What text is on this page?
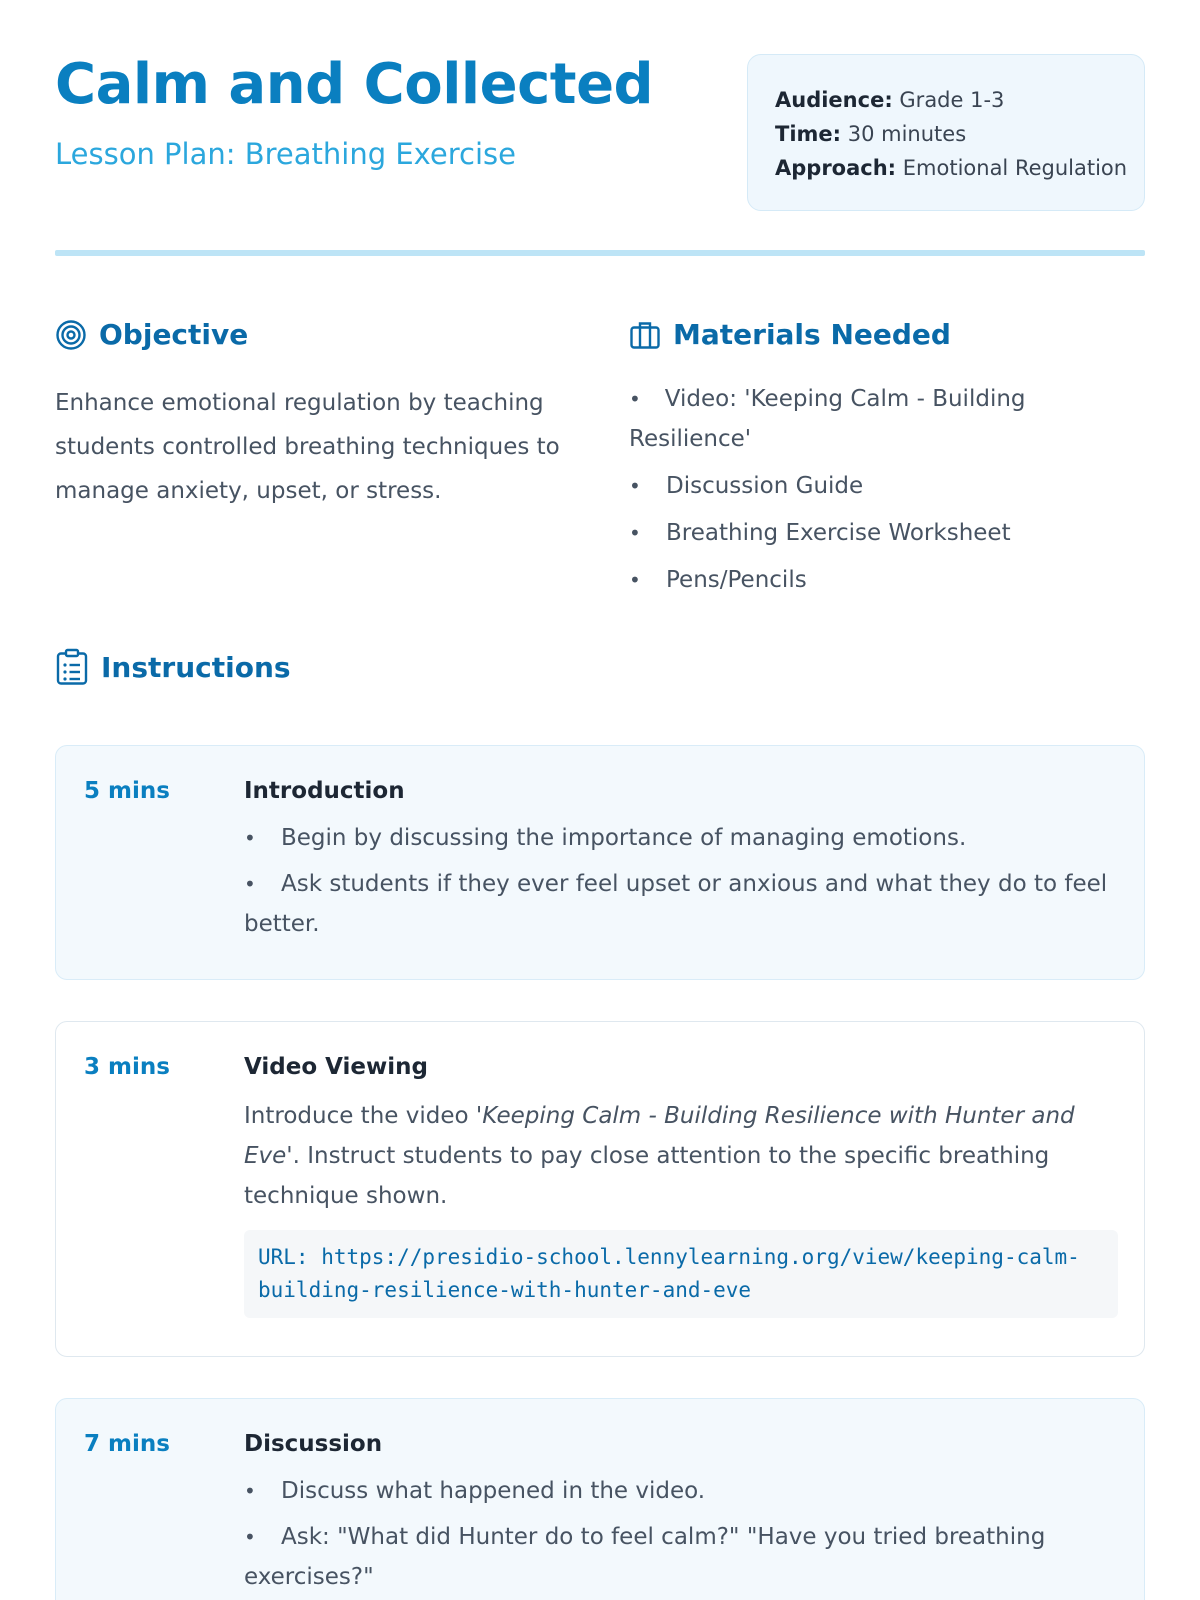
Calm and Collected
Lesson Plan: Breathing Exercise
Audience: Grade 1-3
Time: 30 minutes
Approach: Emotional Regulation
Objective

Enhance emotional regulation by teaching students controlled breathing techniques to manage anxiety, upset, or stress.

Materials Needed
• Video: 'Keeping Calm - Building Resilience'
• Discussion Guide
• Breathing Exercise Worksheet
• Pens/Pencils
Instructions
5 mins	Introduction
• Begin by discussing the importance of managing emotions.
• Ask students if they ever feel upset or anxious and what they do to feel better.
3 mins	Video Viewing

Introduce the video 'Keeping Calm - Building Resilience with Hunter and Eve'. Instruct students to pay close attention to the specific breathing technique shown.

URL: https://presidio-school.lennylearning.org/view/keeping-calm-building-resilience-with-hunter-and-eve
7 mins	Discussion
• Discuss what happened in the video.
• Ask: "What did Hunter do to feel calm?" "Have you tried breathing exercises?"
